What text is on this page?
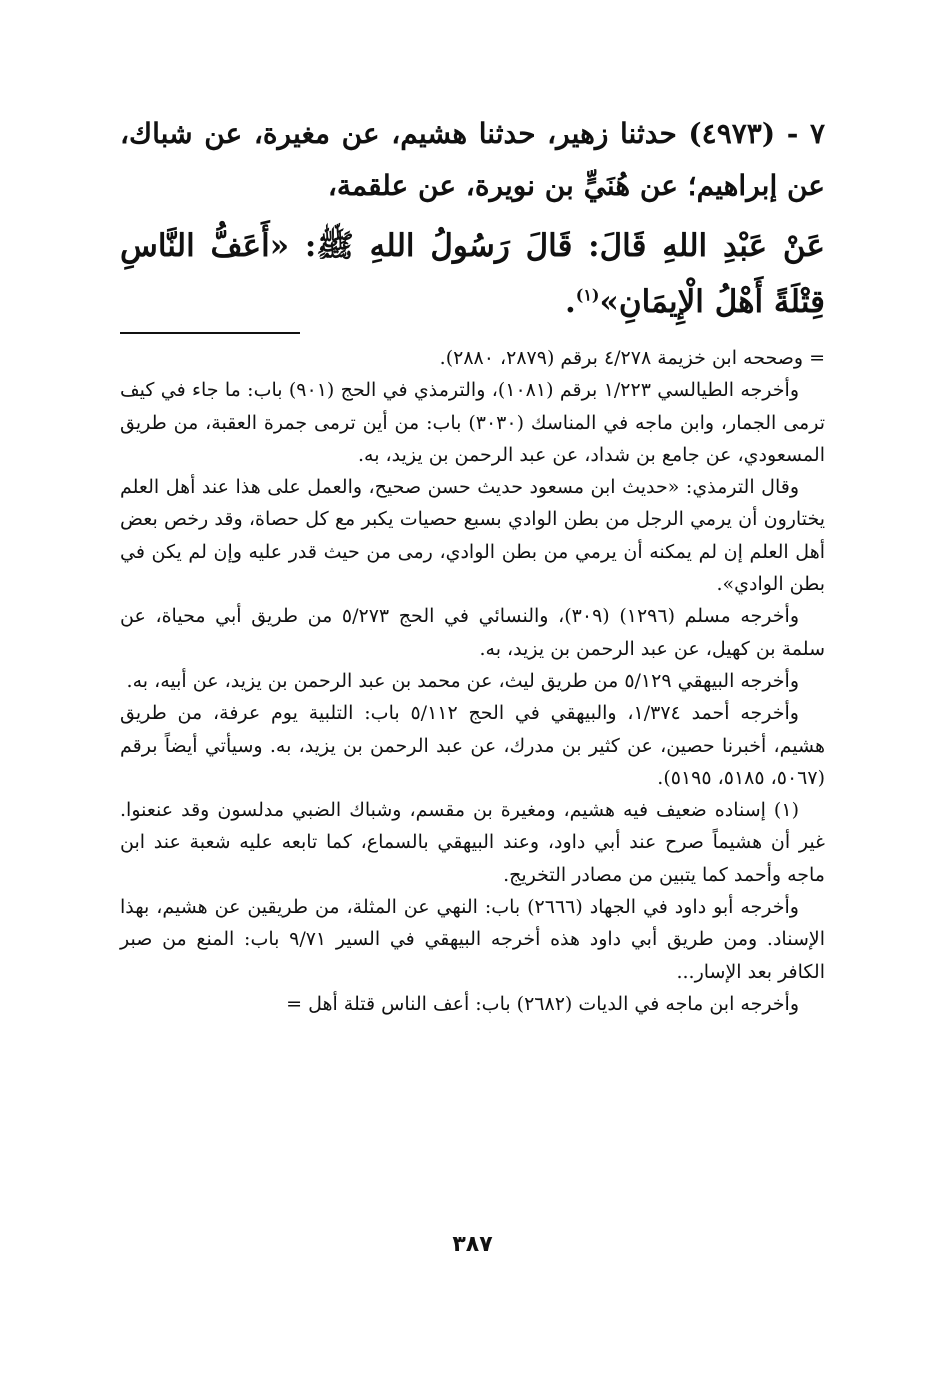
٧ - (٤٩٧٣) حدثنا زهير، حدثنا هشيم، عن مغيرة، عن شباك، عن إبراهيم؛ عن هُنَيٍّ بن نويرة، عن علقمة،

عَنْ عَبْدِ اللهِ قَالَ: قَالَ رَسُولُ اللهِ ﷺ: «أَعَفُّ النَّاسِ قِتْلَةً أَهْلُ الْإِيمَانِ»$^{(١)}$.

= وصححه ابن خزيمة ٤/٢٧٨ برقم (٢٨٧٩، ٢٨٨٠).

وأخرجه الطيالسي ١/٢٢٣ برقم (١٠٨١)، والترمذي في الحج (٩٠١) باب: ما جاء في كيف ترمى الجمار، وابن ماجه في المناسك (٣٠٣٠) باب: من أين ترمى جمرة العقبة، من طريق المسعودي، عن جامع بن شداد، عن عبد الرحمن بن يزيد، به.

وقال الترمذي: «حديث ابن مسعود حديث حسن صحيح، والعمل على هذا عند أهل العلم يختارون أن يرمي الرجل من بطن الوادي بسبع حصيات يكبر مع كل حصاة، وقد رخص بعض أهل العلم إن لم يمكنه أن يرمي من بطن الوادي، رمى من حيث قدر عليه وإن لم يكن في بطن الوادي».

وأخرجه مسلم (١٢٩٦) (٣٠٩)، والنسائي في الحج ٥/٢٧٣ من طريق أبي محياة، عن سلمة بن كهيل، عن عبد الرحمن بن يزيد، به.

وأخرجه البيهقي ٥/١٢٩ من طريق ليث، عن محمد بن عبد الرحمن بن يزيد، عن أبيه، به.

وأخرجه أحمد ١/٣٧٤، والبيهقي في الحج ٥/١١٢ باب: التلبية يوم عرفة، من طريق هشيم، أخبرنا حصين، عن كثير بن مدرك، عن عبد الرحمن بن يزيد، به. وسيأتي أيضاً برقم (٥٠٦٧، ٥١٨٥، ٥١٩٥).

(١) إسناده ضعيف فيه هشيم، ومغيرة بن مقسم، وشباك الضبي مدلسون وقد عنعنوا. غير أن هشيماً صرح عند أبي داود، وعند البيهقي بالسماع، كما تابعه عليه شعبة عند ابن ماجه وأحمد كما يتبين من مصادر التخريج.

وأخرجه أبو داود في الجهاد (٢٦٦٦) باب: النهي عن المثلة، من طريقين عن هشيم، بهذا الإسناد. ومن طريق أبي داود هذه أخرجه البيهقي في السير ٩/٧١ باب: المنع من صبر الكافر بعد الإسار...

وأخرجه ابن ماجه في الديات (٢٦٨٢) باب: أعف الناس قتلة أهل =

٣٨٧
